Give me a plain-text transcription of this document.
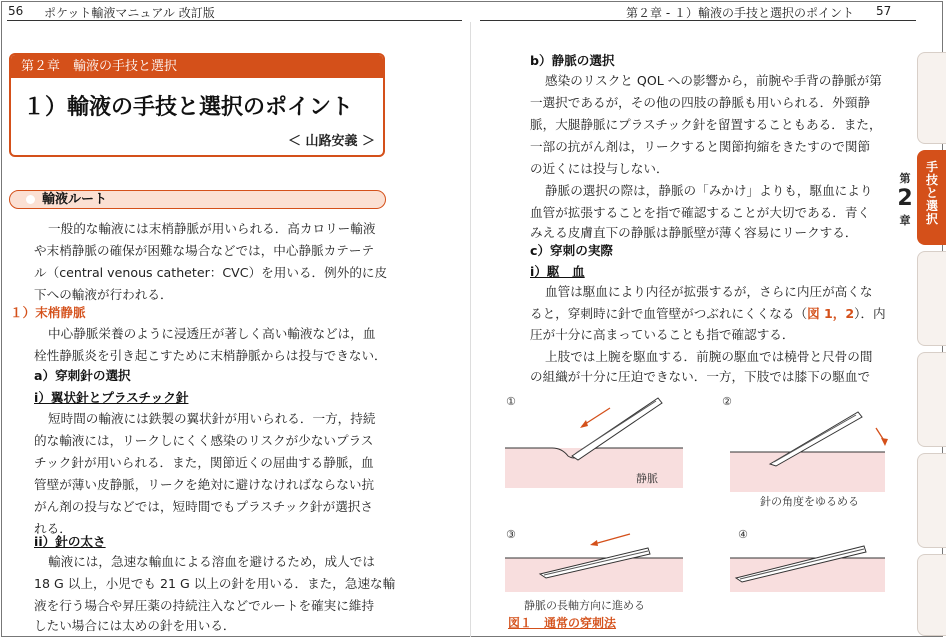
56 ポケット輸液マニュアル 改訂版	第２章 - １）輸液の手技と選択のポイント 57
第２章　輸液の手技と選択
１）輸液の手技と選択のポイント
＜ 山路安義 ＞
輸液ルート
一般的な輸液には末梢静脈が用いられる．高カロリー輸液
や末梢静脈の確保が困難な場合などでは，中心静脈カテーテ
ル（central venous catheter：CVC）を用いる．例外的に皮
下への輸液が行われる．
１）末梢静脈
中心静脈栄養のように浸透圧が著しく高い輸液などは，血
栓性静脈炎を引き起こすために末梢静脈からは投与できない．
a）穿刺針の選択
i）翼状針とプラスチック針
短時間の輸液には鉄製の翼状針が用いられる．一方，持続
的な輸液には，リークしにくく感染のリスクが少ないプラス
チック針が用いられる．また，関節近くの屈曲する静脈，血
管壁が薄い皮静脈，リークを絶対に避けなければならない抗
がん剤の投与などでは，短時間でもプラスチック針が選択さ
れる．
ii）針の太さ
輸液には，急速な輸血による溶血を避けるため，成人では
18 G 以上，小児でも 21 G 以上の針を用いる．また，急速な輸
液を行う場合や昇圧薬の持続注入などでルートを確実に維持
したい場合には太めの針を用いる．
b）静脈の選択
感染のリスクと QOL への影響から，前腕や手背の静脈が第
一選択であるが，その他の四肢の静脈も用いられる．外頸静
脈，大腿静脈にプラスチック針を留置することもある．また，
一部の抗がん剤は，リークすると関節拘縮をきたすので関節
の近くには投与しない．
静脈の選択の際は，静脈の「みかけ」よりも，駆血により
血管が拡張することを指で確認することが大切である．青く
みえる皮膚直下の静脈は静脈壁が薄く容易にリークする．
c）穿刺の実際
i）駆　血
血管は駆血により内径が拡張するが，さらに内圧が高くな
ると，穿刺時に針で血管壁がつぶれにくくなる（図 1，2）．内
圧が十分に高まっていることも指で確認する．
上肢では上腕を駆血する．前腕の駆血では橈骨と尺骨の間
の組織が十分に圧迫できない．一方，下肢では膝下の駆血で
①	②
③	④
静脈
針の角度をゆるめる
静脈の長軸方向に進める
図１　通常の穿刺法
手技と選択
第
2
章
